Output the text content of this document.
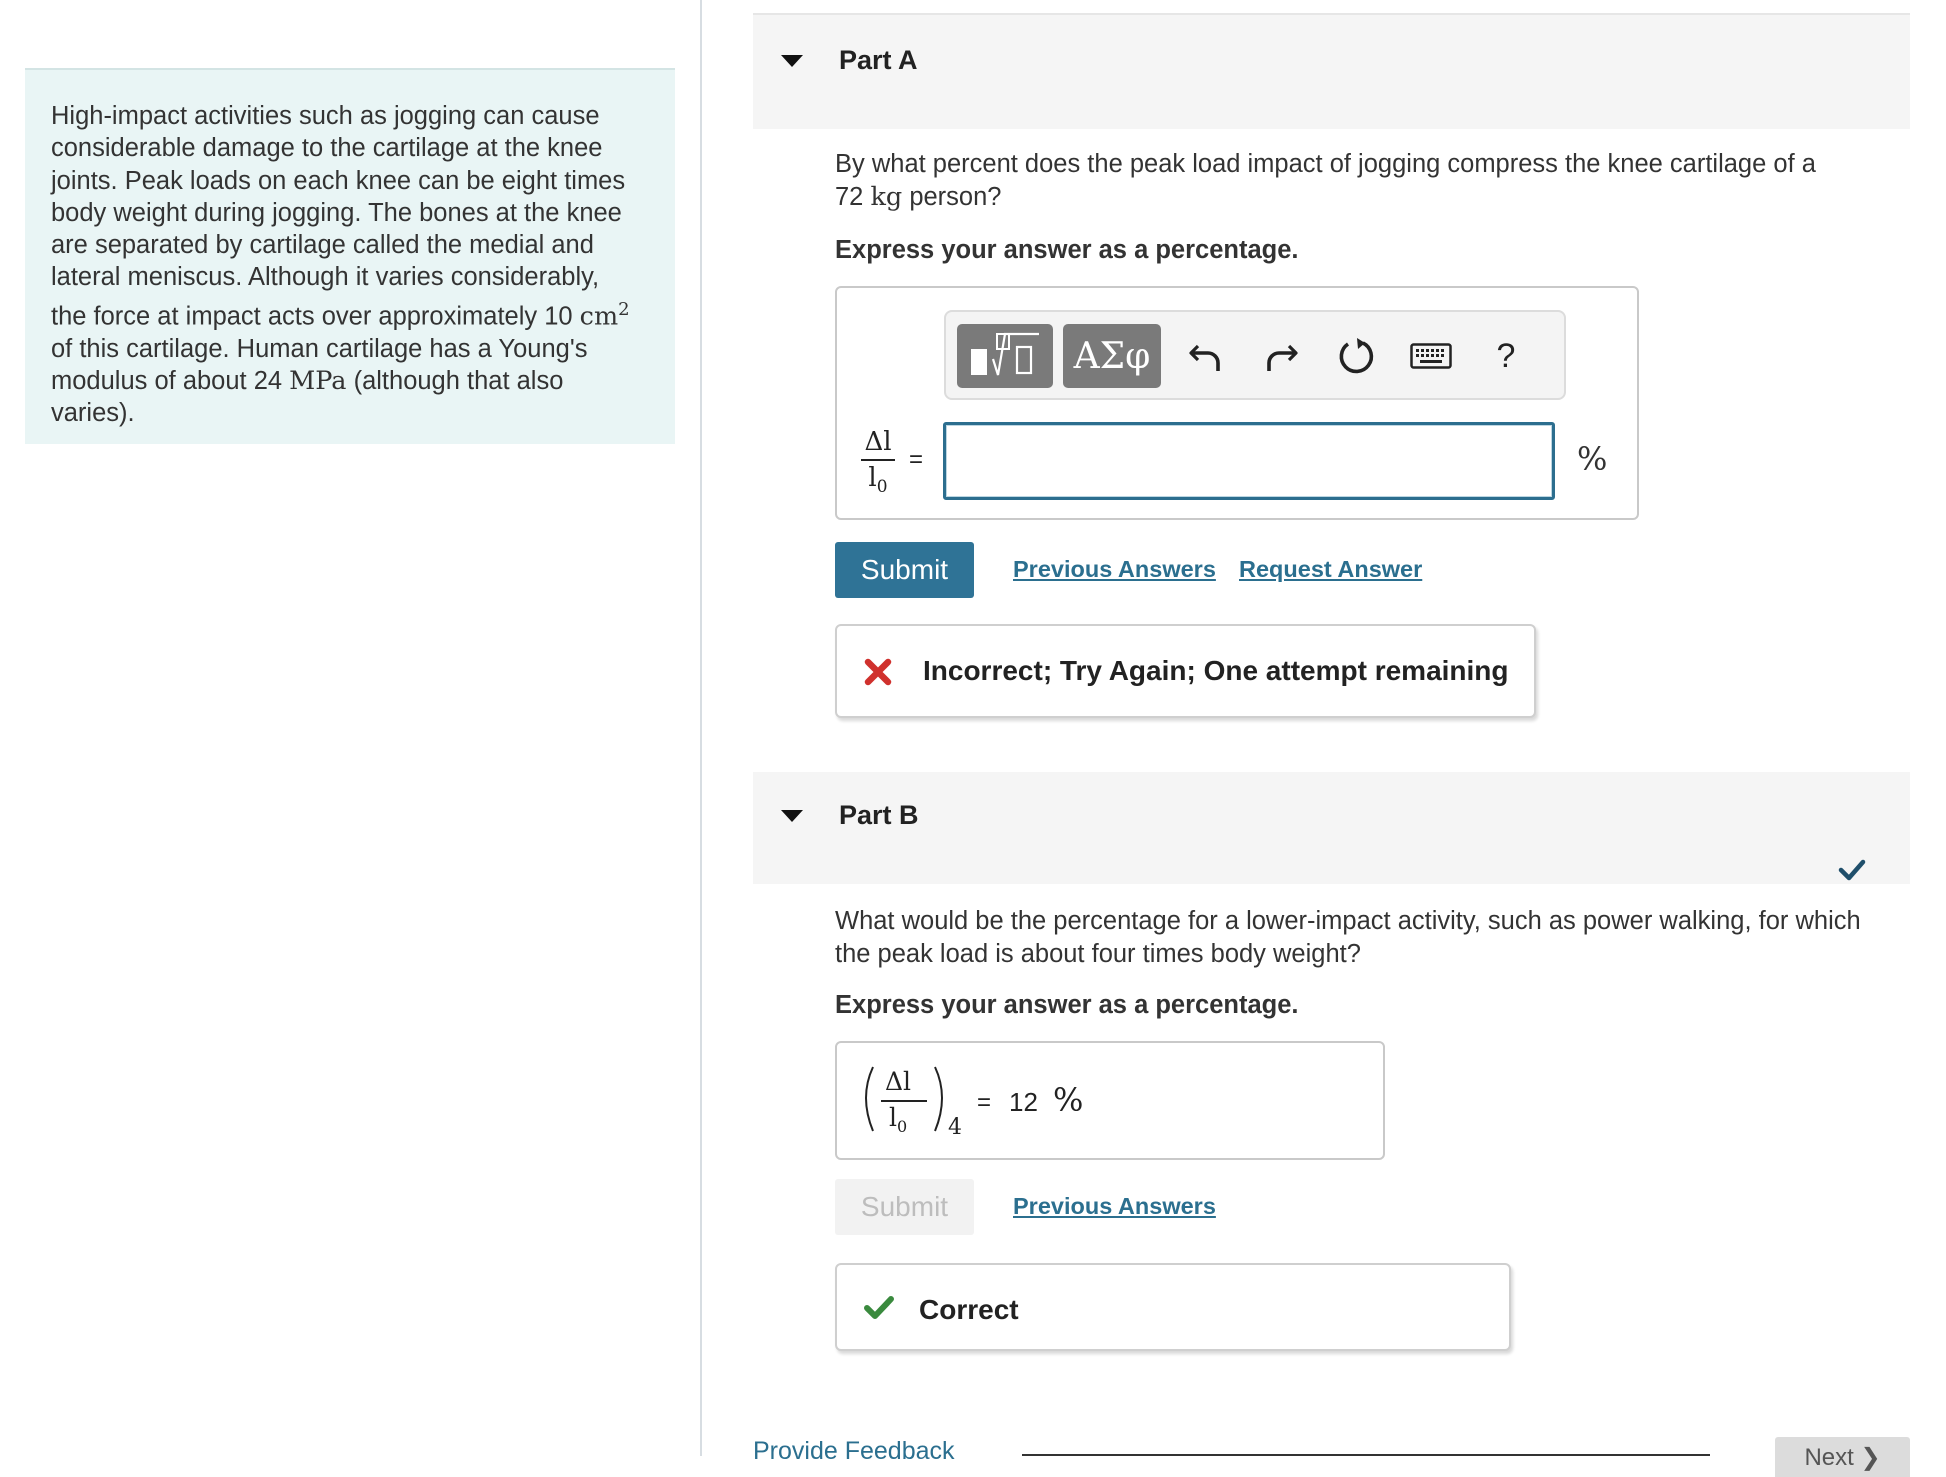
High-impact activities such as jogging can cause
considerable damage to the cartilage at the knee
joints. Peak loads on each knee can be eight times
body weight during jogging. The bones at the knee
are separated by cartilage called the medial and
lateral meniscus. Although it varies considerably,
the force at impact acts over approximately 10 $cm^2$
of this cartilage. Human cartilage has a Young's
modulus of about 24 MPa (although that also
varies).
Part A
By what percent does the peak load impact of jogging compress the knee cartilage of a
72 kg person?
Express your answer as a percentage.
ΑΣφ	?
Δl
$l_0$
=	%
Submit	Previous Answers Request Answer
Incorrect; Try Again; One attempt remaining
Part B
What would be the percentage for a lower-impact activity, such as power walking, for which
the peak load is about four times body weight?
Express your answer as a percentage.
Δl
$l_0$ 4
= 12 %
Submit	Previous Answers
Correct
Provide Feedback	Next ❯
